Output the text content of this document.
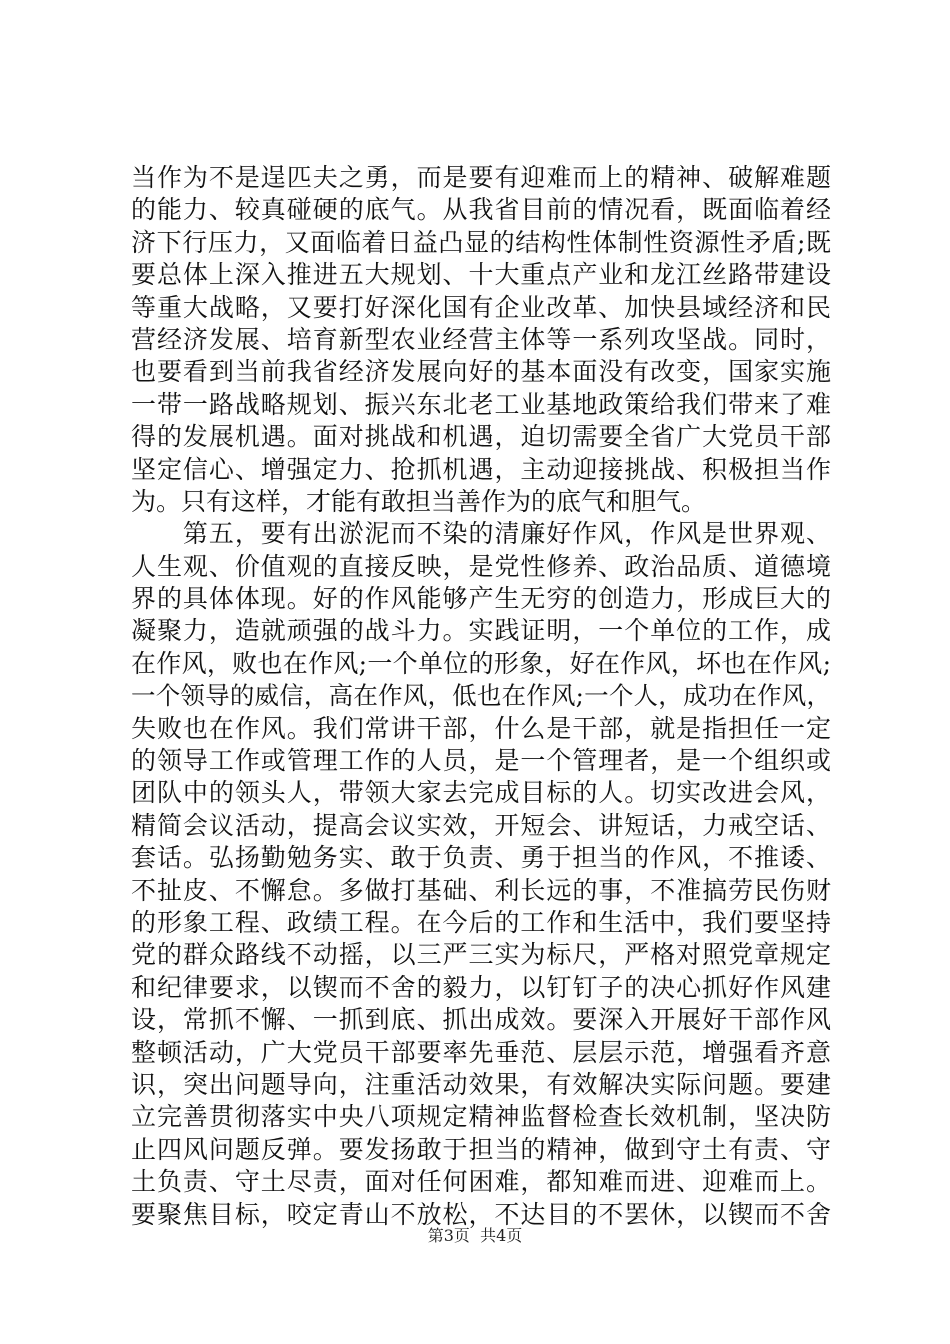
当作为不是逞匹夫之勇，而是要有迎难而上的精神、破解难题
的能力、较真碰硬的底气。从我省目前的情况看，既面临着经
济下行压力，又面临着日益凸显的结构性体制性资源性矛盾;既
要总体上深入推进五大规划、十大重点产业和龙江丝路带建设
等重大战略，又要打好深化国有企业改革、加快县域经济和民
营经济发展、培育新型农业经营主体等一系列攻坚战。同时，
也要看到当前我省经济发展向好的基本面没有改变，国家实施
一带一路战略规划、振兴东北老工业基地政策给我们带来了难
得的发展机遇。面对挑战和机遇，迫切需要全省广大党员干部
坚定信心、增强定力、抢抓机遇，主动迎接挑战、积极担当作
为。只有这样，才能有敢担当善作为的底气和胆气。
　　第五，要有出淤泥而不染的清廉好作风，作风是世界观、
人生观、价值观的直接反映，是党性修养、政治品质、道德境
界的具体体现。好的作风能够产生无穷的创造力，形成巨大的
凝聚力，造就顽强的战斗力。实践证明，一个单位的工作，成
在作风，败也在作风;一个单位的形象，好在作风，坏也在作风;
一个领导的威信，高在作风，低也在作风;一个人，成功在作风，
失败也在作风。我们常讲干部，什么是干部，就是指担任一定
的领导工作或管理工作的人员，是一个管理者，是一个组织或
团队中的领头人，带领大家去完成目标的人。切实改进会风，
精简会议活动，提高会议实效，开短会、讲短话，力戒空话、
套话。弘扬勤勉务实、敢于负责、勇于担当的作风，不推诿、
不扯皮、不懈怠。多做打基础、利长远的事，不准搞劳民伤财
的形象工程、政绩工程。在今后的工作和生活中，我们要坚持
党的群众路线不动摇，以三严三实为标尺，严格对照党章规定
和纪律要求，以锲而不舍的毅力，以钉钉子的决心抓好作风建
设，常抓不懈、一抓到底、抓出成效。要深入开展好干部作风
整顿活动，广大党员干部要率先垂范、层层示范，增强看齐意
识，突出问题导向，注重活动效果，有效解决实际问题。要建
立完善贯彻落实中央八项规定精神监督检查长效机制，坚决防
止四风问题反弹。要发扬敢于担当的精神，做到守土有责、守
土负责、守土尽责，面对任何困难，都知难而进、迎难而上。
要聚焦目标，咬定青山不放松，不达目的不罢休，以锲而不舍
第3页  共4页
